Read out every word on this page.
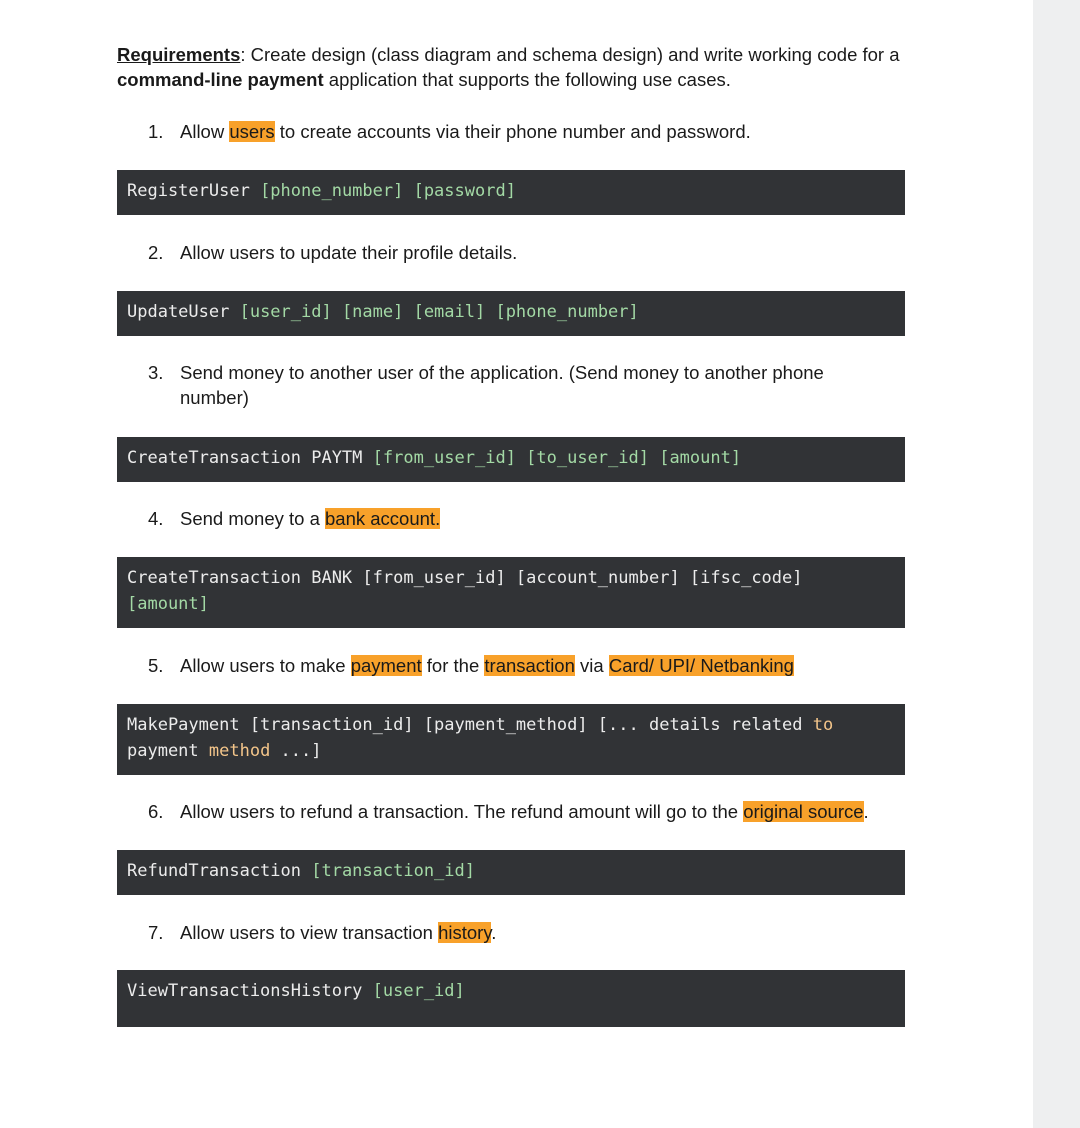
Requirements: Create design (class diagram and schema design) and write working code for a command-line payment application that supports the following use cases.

1. Allow users to create accounts via their phone number and password.
RegisterUser [phone_number] [password]
2. Allow users to update their profile details.
UpdateUser [user_id] [name] [email] [phone_number]
3. Send money to another user of the application. (Send money to another phone number)
CreateTransaction PAYTM [from_user_id] [to_user_id] [amount]
4. Send money to a bank account.
CreateTransaction BANK [from_user_id] [account_number] [ifsc_code]
[amount]
5. Allow users to make payment for the transaction via Card/ UPI/ Netbanking
MakePayment [transaction_id] [payment_method] [... details related to
payment method ...]
6. Allow users to refund a transaction. The refund amount will go to the original source.
RefundTransaction [transaction_id]
7. Allow users to view transaction history.
ViewTransactionsHistory [user_id]
